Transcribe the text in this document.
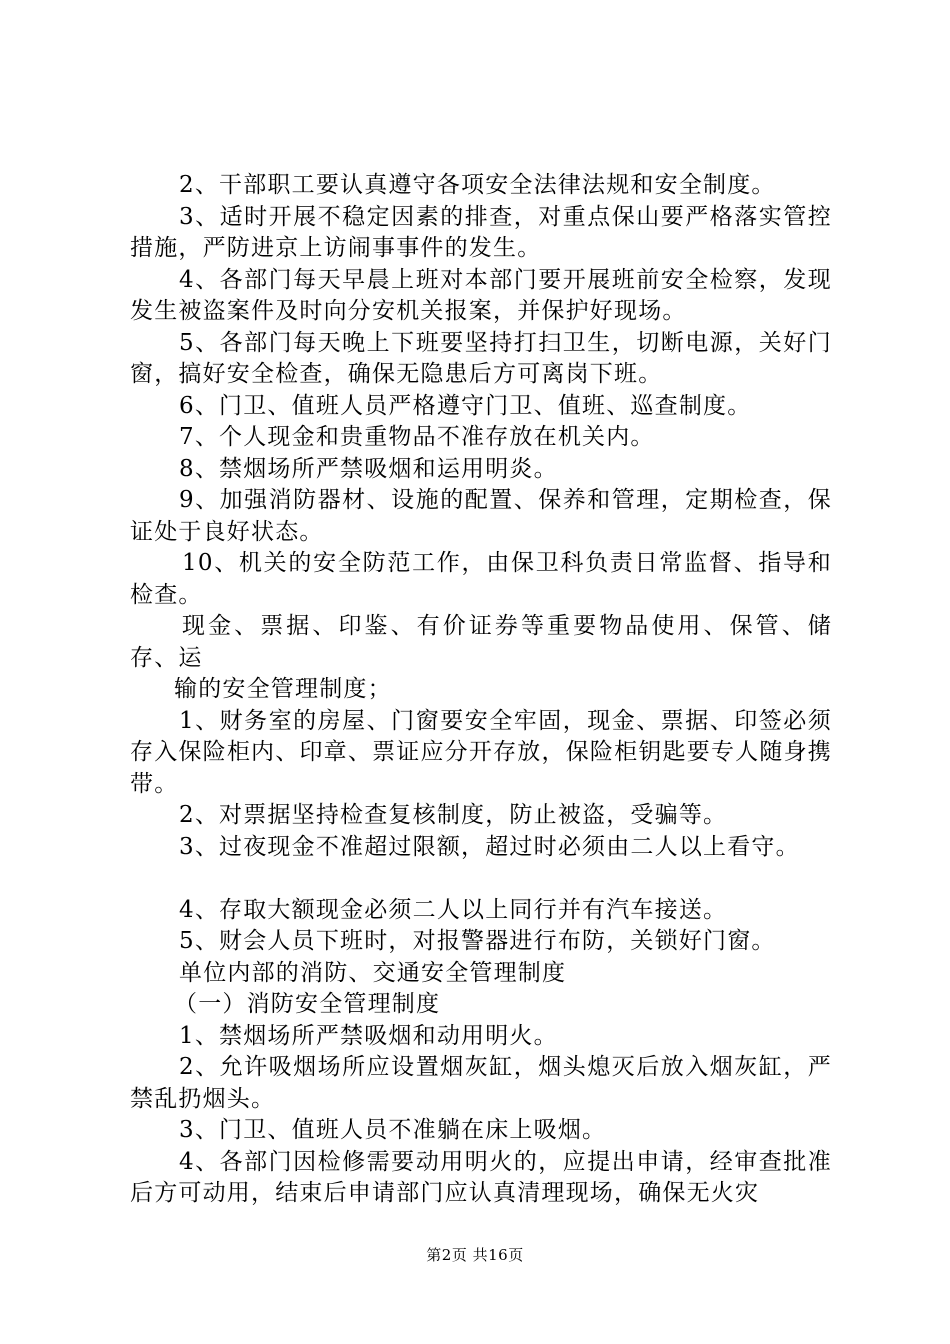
2、干部职工要认真遵守各项安全法律法规和安全制度。

3、适时开展不稳定因素的排查，对重点保山要严格落实管控措施，严防进京上访闹事事件的发生。

4、各部门每天早晨上班对本部门要开展班前安全检察，发现发生被盗案件及时向分安机关报案，并保护好现场。

5、各部门每天晚上下班要坚持打扫卫生，切断电源，关好门窗，搞好安全检查，确保无隐患后方可离岗下班。

6、门卫、值班人员严格遵守门卫、值班、巡查制度。

7、个人现金和贵重物品不准存放在机关内。

8、禁烟场所严禁吸烟和运用明炎。

9、加强消防器材、设施的配置、保养和管理，定期检查，保证处于良好状态。

10、机关的安全防范工作，由保卫科负责日常监督、指导和检查。

现金、票据、印鉴、有价证券等重要物品使用、保管、储存、运

输的安全管理制度；

1、财务室的房屋、门窗要安全牢固，现金、票据、印签必须存入保险柜内、印章、票证应分开存放，保险柜钥匙要专人随身携带。

2、对票据坚持检查复核制度，防止被盗，受骗等。

3、过夜现金不准超过限额，超过时必须由二人以上看守。

4、存取大额现金必须二人以上同行并有汽车接送。

5、财会人员下班时，对报警器进行布防，关锁好门窗。

单位内部的消防、交通安全管理制度

（一）消防安全管理制度

1、禁烟场所严禁吸烟和动用明火。

2、允许吸烟场所应设置烟灰缸，烟头熄灭后放入烟灰缸，严禁乱扔烟头。

3、门卫、值班人员不准躺在床上吸烟。

4、各部门因检修需要动用明火的，应提出申请，经审查批准后方可动用，结束后申请部门应认真清理现场，确保无火灾

第2页 共16页
